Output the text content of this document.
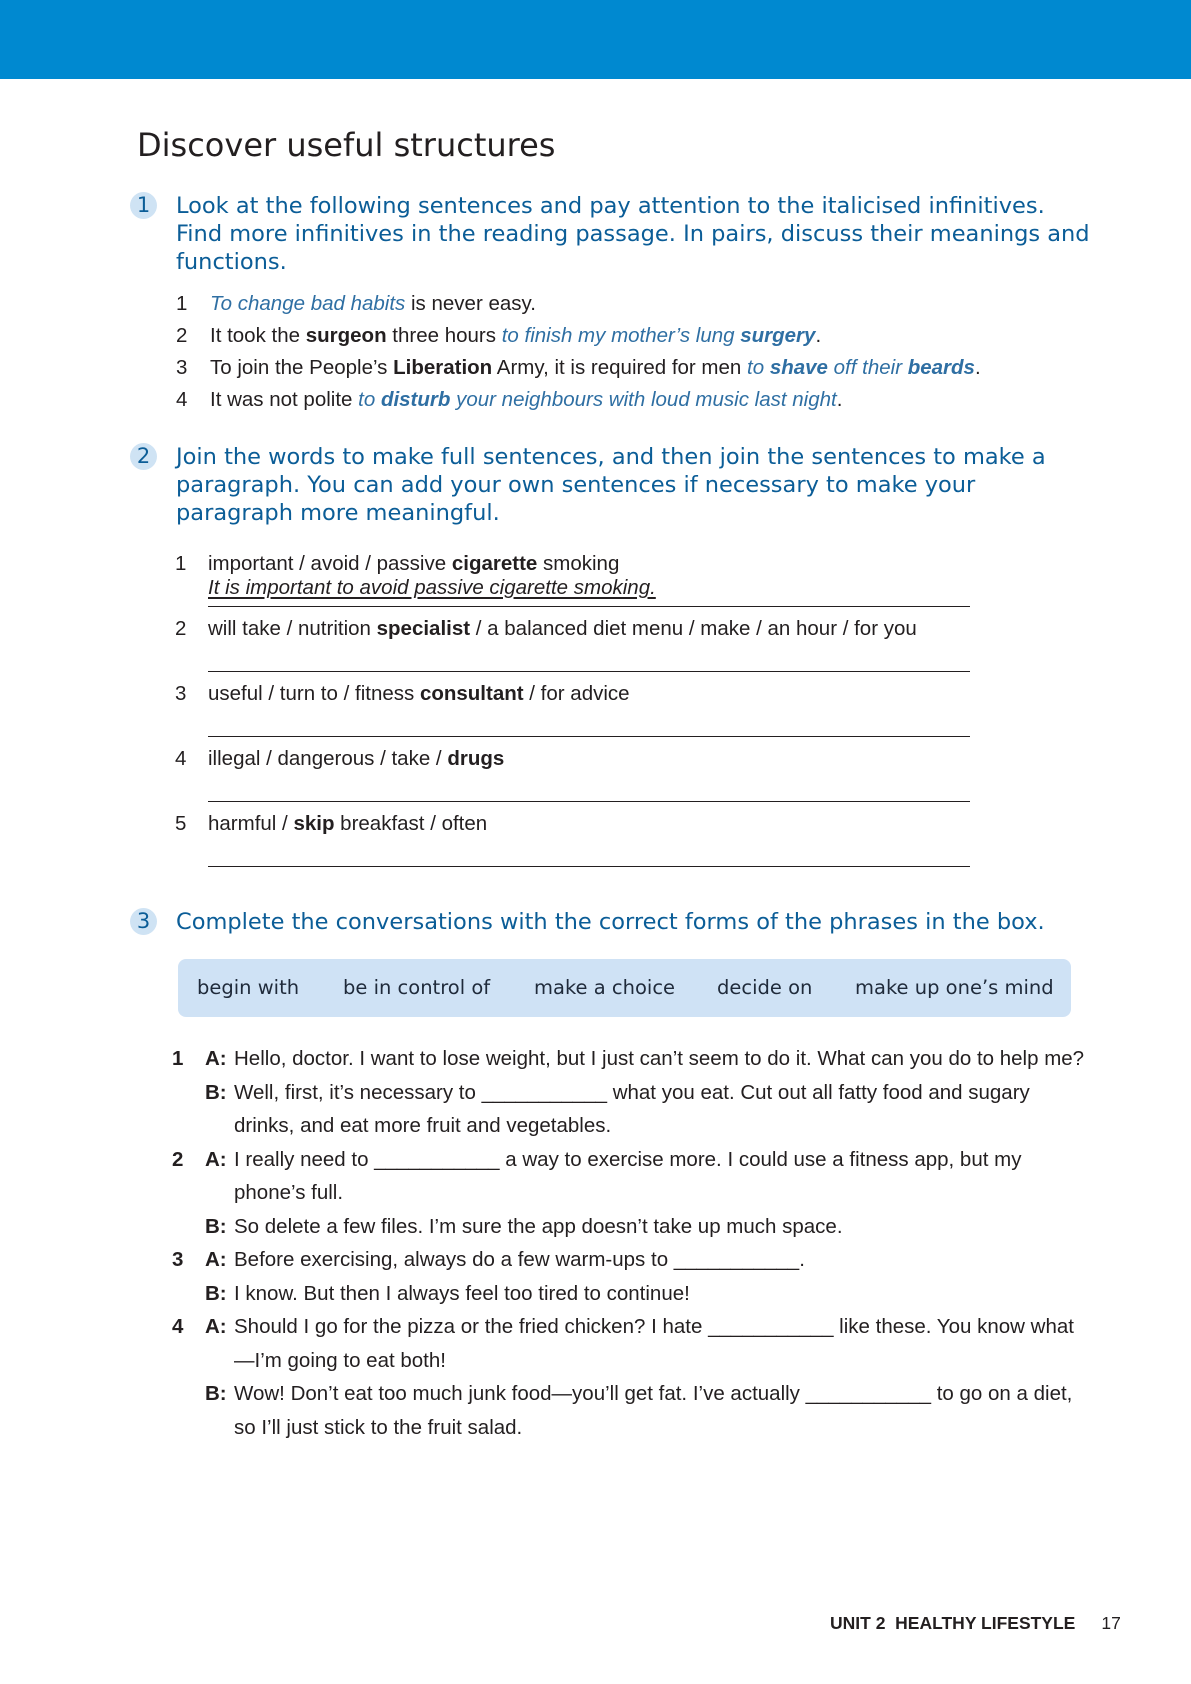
Discover useful structures
1	Look at the following sentences and pay attention to the italicised infinitives. Find more infinitives in the reading passage. In pairs, discuss their meanings and functions.
1 To change bad habits is never easy.
2 It took the surgeon three hours to finish my mother’s lung surgery.
3 To join the People’s Liberation Army, it is required for men to shave off their beards.
4 It was not polite to disturb your neighbours with loud music last night.
2	Join the words to make full sentences, and then join the sentences to make a paragraph. You can add your own sentences if necessary to make your paragraph more meaningful.
1 important / avoid / passive cigarette smoking
It is important to avoid passive cigarette smoking.
2 will take / nutrition specialist / a balanced diet menu / make / an hour / for you
3 useful / turn to / fitness consultant / for advice
4 illegal / dangerous / take / drugs
5 harmful / skip breakfast / often
3	Complete the conversations with the correct forms of the phrases in the box.
begin with be in control of make a choice decide on make up one’s mind
1 A: Hello, doctor. I want to lose weight, but I just can’t seem to do it. What can you do to help me?
B: Well, first, it’s necessary to ___________ what you eat. Cut out all fatty food and sugary drinks, and eat more fruit and vegetables.
2 A: I really need to ___________ a way to exercise more. I could use a fitness app, but my phone’s full.
B: So delete a few files. I’m sure the app doesn’t take up much space.
3 A: Before exercising, always do a few warm-ups to ___________.
B: I know. But then I always feel too tired to continue!
4 A: Should I go for the pizza or the fried chicken? I hate ___________ like these. You know what—I’m going to eat both!
B: Wow! Don’t eat too much junk food—you’ll get fat. I’ve actually ___________ to go on a diet, so I’ll just stick to the fruit salad.
UNIT 2  HEALTHY LIFESTYLE 17
